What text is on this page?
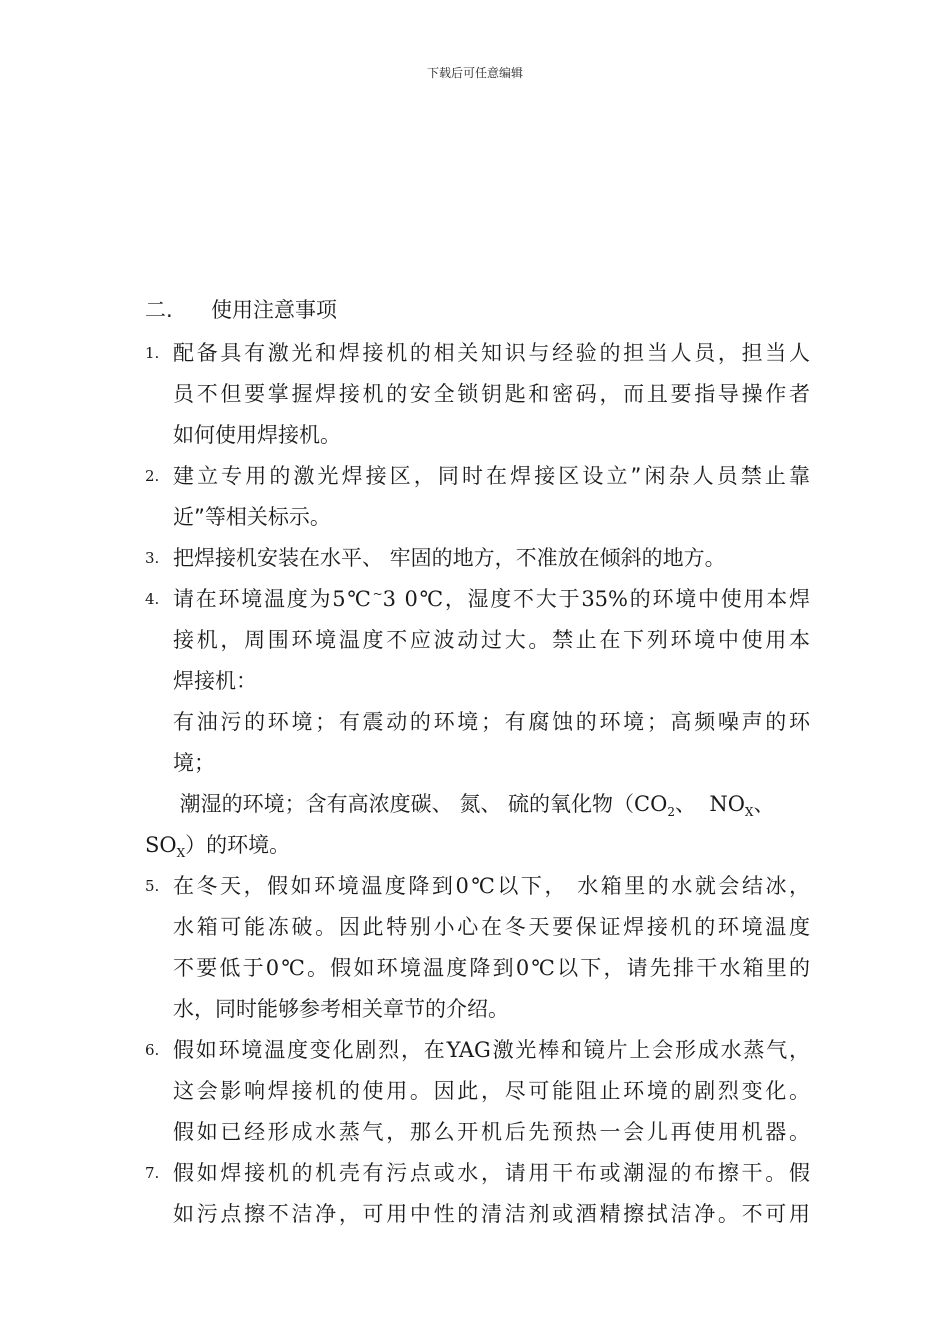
下载后可任意编辑
二. 使用注意事项
1. 配备具有激光和焊接机的相关知识与经验的担当人员，担当人
员不但要掌握焊接机的安全锁钥匙和密码，而且要指导操作者
如何使用焊接机。
2. 建立专用的激光焊接区，同时在焊接区设立”闲杂人员禁止靠
近”等相关标示。
3. 把焊接机安装在水平、 牢固的地方，不准放在倾斜的地方。
4. 请在环境温度为5℃~3 0℃，湿度不大于35%的环境中使用本焊
接机，周围环境温度不应波动过大。禁止在下列环境中使用本
焊接机：
有油污的环境；有震动的环境；有腐蚀的环境；高频噪声的环
境；
潮湿的环境；含有高浓度碳、 氮、 硫的氧化物（$CO_2$、 $NO_X$、
$SO_X$）的环境。
5. 在冬天，假如环境温度降到0℃以下， 水箱里的水就会结冰，
水箱可能冻破。因此特别小心在冬天要保证焊接机的环境温度
不要低于0℃。假如环境温度降到0℃以下，请先排干水箱里的
水，同时能够参考相关章节的介绍。
6. 假如环境温度变化剧烈，在YAG激光棒和镜片上会形成水蒸气，
这会影响焊接机的使用。因此，尽可能阻止环境的剧烈变化。
假如已经形成水蒸气，那么开机后先预热一会儿再使用机器。
7. 假如焊接机的机壳有污点或水，请用干布或潮湿的布擦干。假
如污点擦不洁净，可用中性的清洁剂或酒精擦拭洁净。不可用
